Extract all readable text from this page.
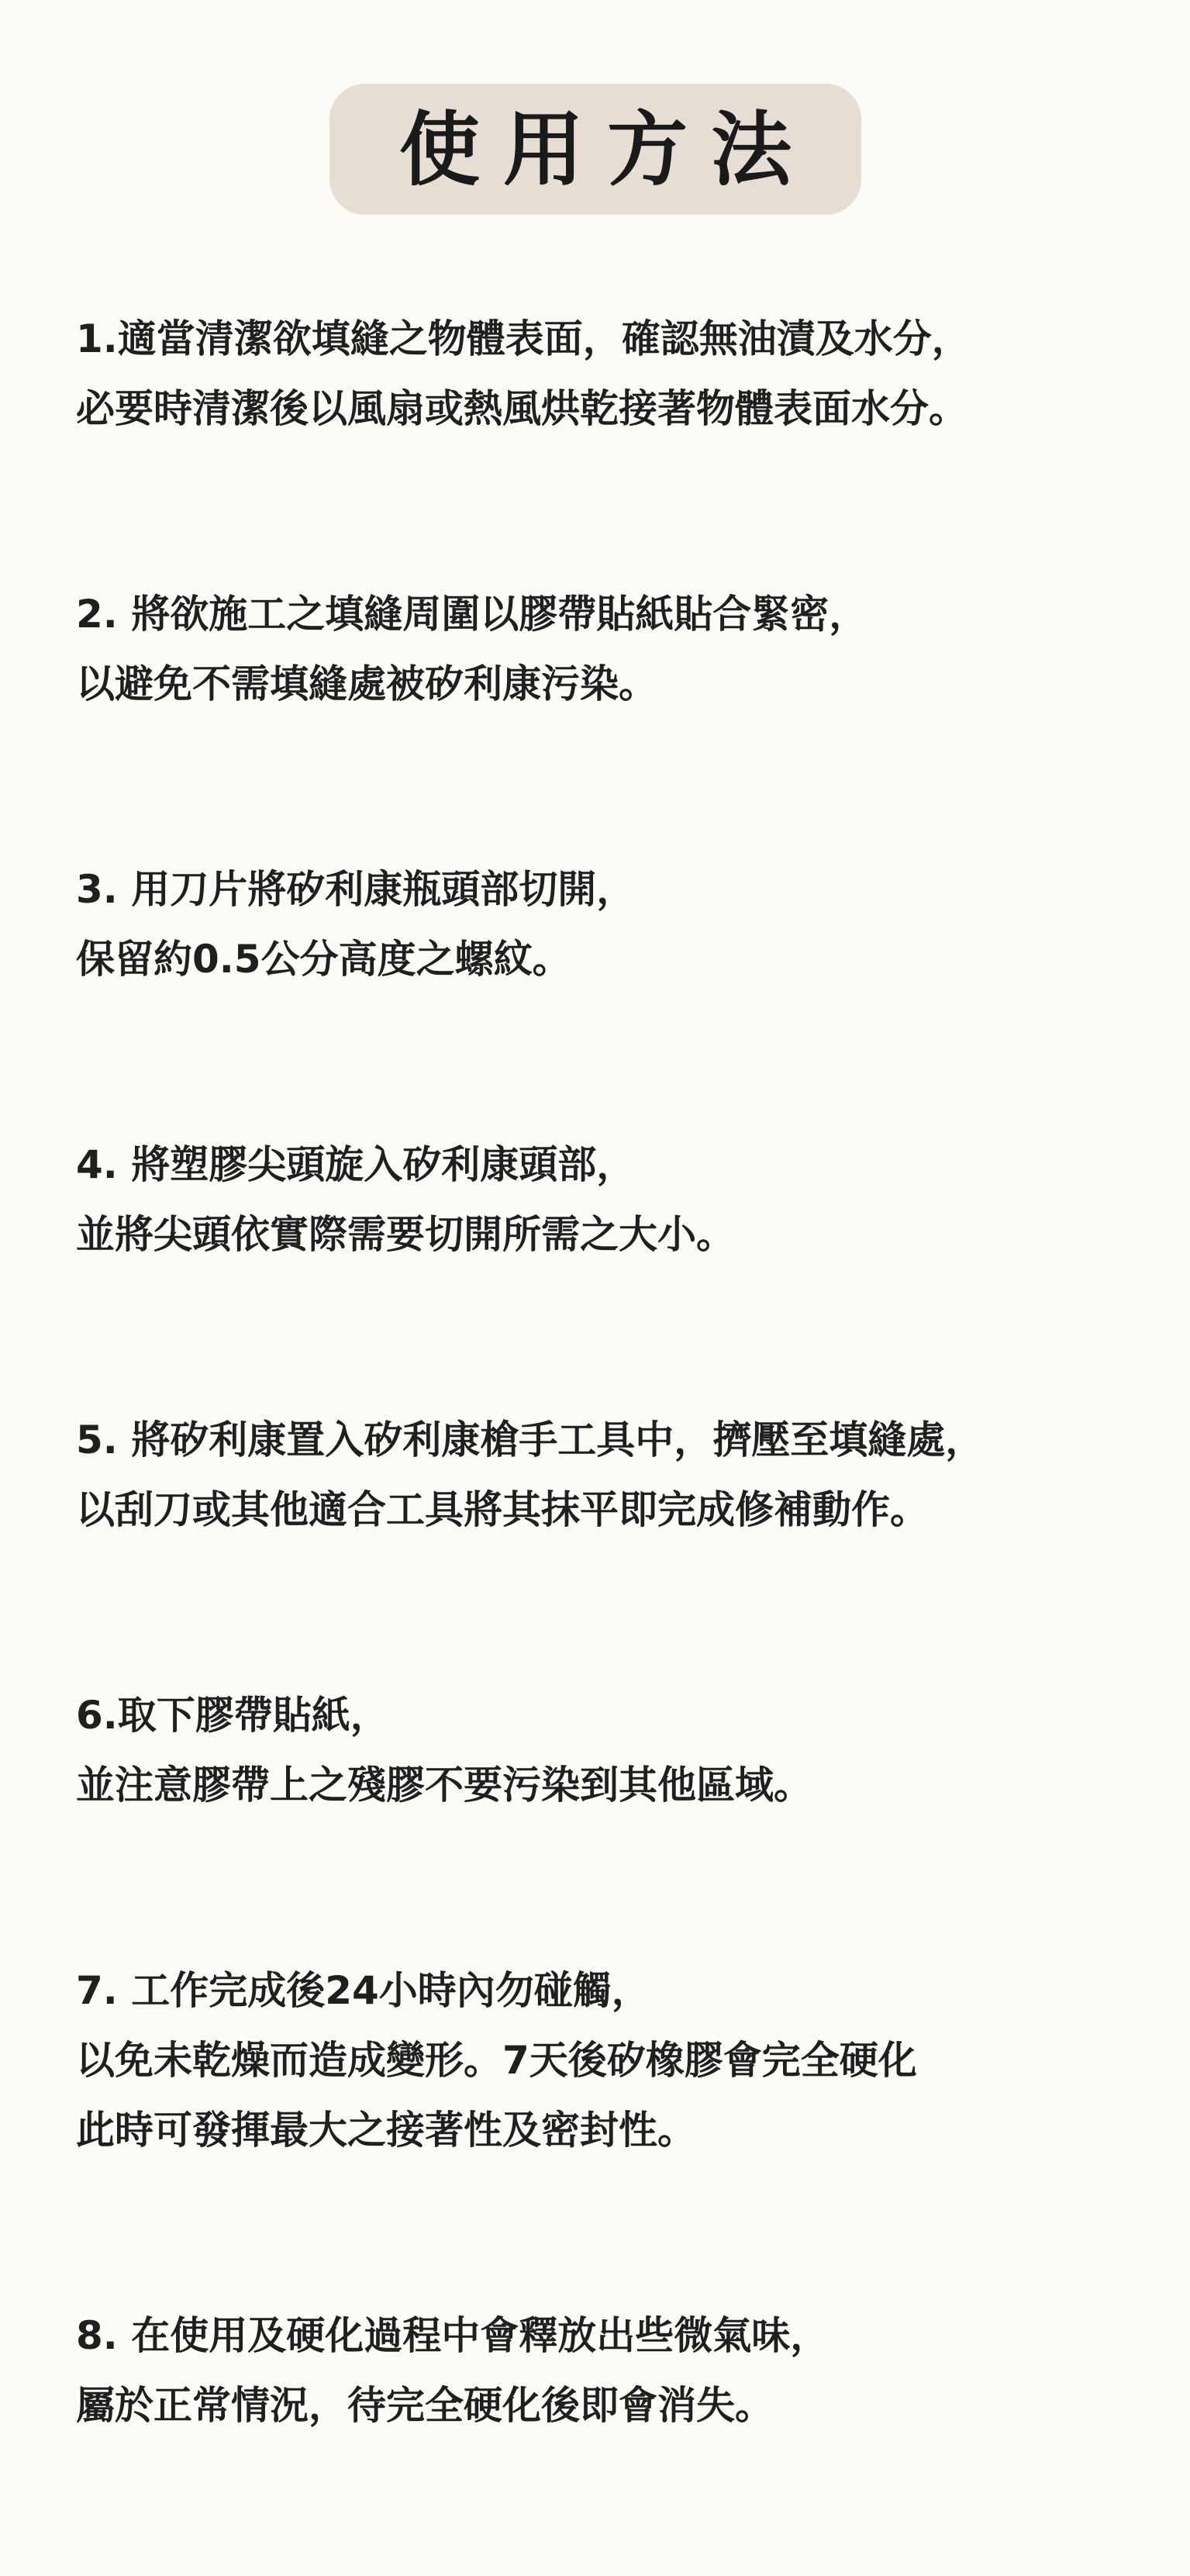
使用方法
1.適當清潔欲填縫之物體表面，確認無油漬及水分，
必要時清潔後以風扇或熱風烘乾接著物體表面水分。
2. 將欲施工之填縫周圍以膠帶貼紙貼合緊密，
以避免不需填縫處被矽利康污染。
3. 用刀片將矽利康瓶頭部切開，
保留約0.5公分高度之螺紋。
4. 將塑膠尖頭旋入矽利康頭部，
並將尖頭依實際需要切開所需之大小。
5. 將矽利康置入矽利康槍手工具中，擠壓至填縫處，
以刮刀或其他適合工具將其抹平即完成修補動作。
6.取下膠帶貼紙，
並注意膠帶上之殘膠不要污染到其他區域。
7. 工作完成後24小時內勿碰觸，
以免未乾燥而造成變形。7天後矽橡膠會完全硬化
此時可發揮最大之接著性及密封性。
8. 在使用及硬化過程中會釋放出些微氣味，
屬於正常情況，待完全硬化後即會消失。
